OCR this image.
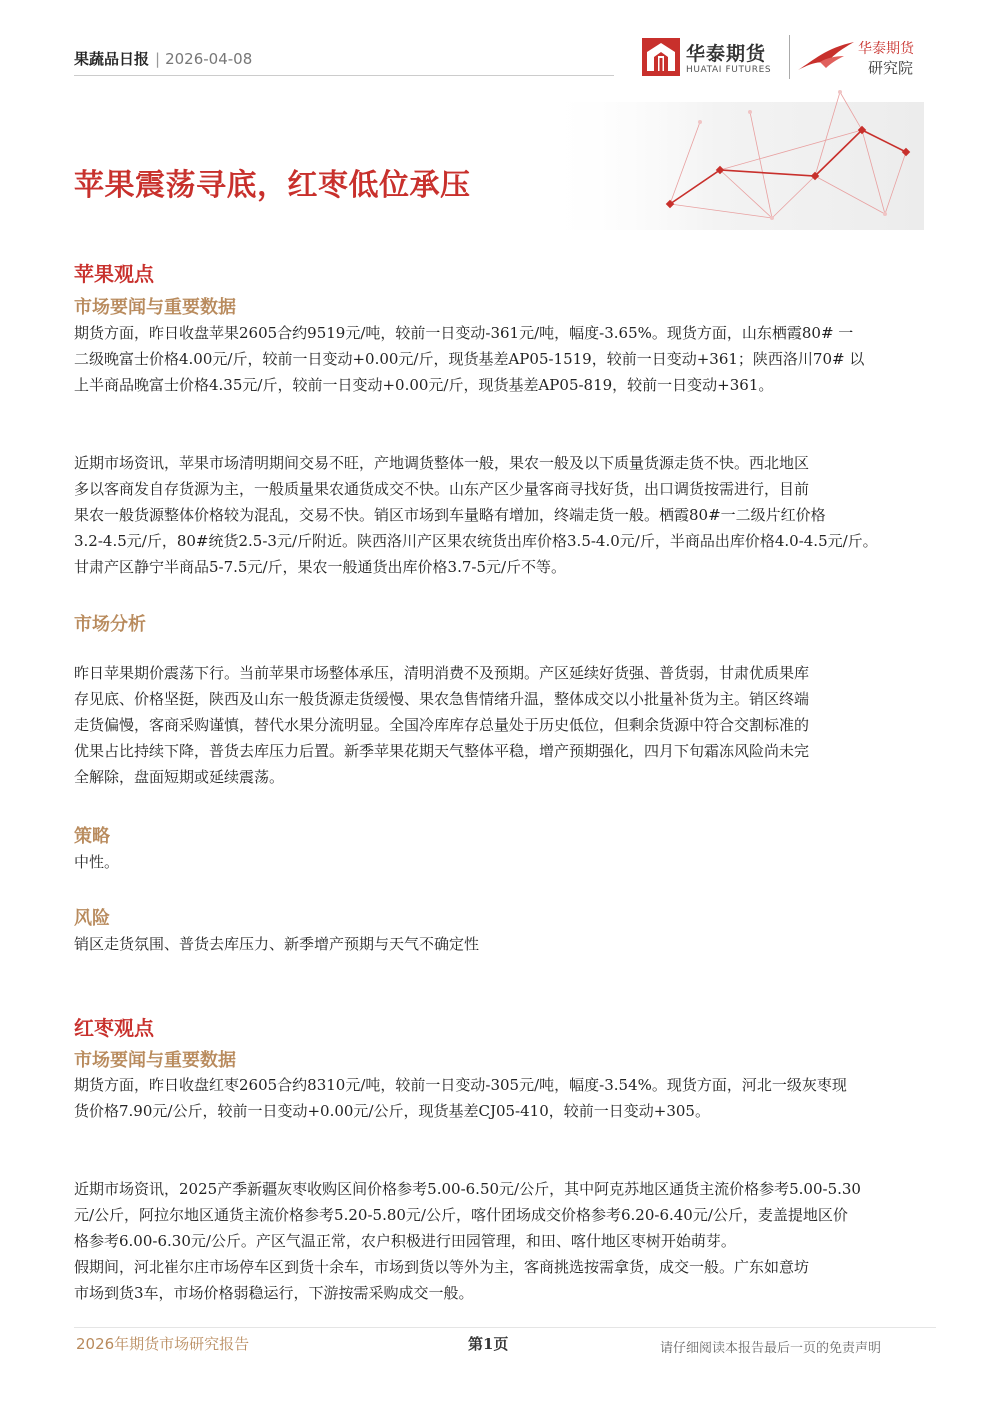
果蔬品日报 | 2026-04-08	华泰期货
HUATAI FUTURES
华泰期货
研究院
苹果震荡寻底，红枣低位承压
苹果观点
市场要闻与重要数据
期货方面，昨日收盘苹果2605合约9519元/吨，较前一日变动-361元/吨，幅度-3.65%。现货方面，山东栖霞80# 一
二级晚富士价格4.00元/斤，较前一日变动+0.00元/斤，现货基差AP05-1519，较前一日变动+361；陕西洛川70# 以
上半商品晚富士价格4.35元/斤，较前一日变动+0.00元/斤，现货基差AP05-819，较前一日变动+361。
近期市场资讯，苹果市场清明期间交易不旺，产地调货整体一般，果农一般及以下质量货源走货不快。西北地区
多以客商发自存货源为主，一般质量果农通货成交不快。山东产区少量客商寻找好货，出口调货按需进行，目前
果农一般货源整体价格较为混乱，交易不快。销区市场到车量略有增加，终端走货一般。栖霞80#一二级片红价格
3.2-4.5元/斤，80#统货2.5-3元/斤附近。陕西洛川产区果农统货出库价格3.5-4.0元/斤，半商品出库价格4.0-4.5元/斤。
甘肃产区静宁半商品5-7.5元/斤，果农一般通货出库价格3.7-5元/斤不等。
市场分析
昨日苹果期价震荡下行。当前苹果市场整体承压，清明消费不及预期。产区延续好货强、普货弱，甘肃优质果库
存见底、价格坚挺，陕西及山东一般货源走货缓慢、果农急售情绪升温，整体成交以小批量补货为主。销区终端
走货偏慢，客商采购谨慎，替代水果分流明显。全国冷库库存总量处于历史低位，但剩余货源中符合交割标准的
优果占比持续下降，普货去库压力后置。新季苹果花期天气整体平稳，增产预期强化，四月下旬霜冻风险尚未完
全解除，盘面短期或延续震荡。
策略
中性。
风险
销区走货氛围、普货去库压力、新季增产预期与天气不确定性
红枣观点
市场要闻与重要数据
期货方面，昨日收盘红枣2605合约8310元/吨，较前一日变动-305元/吨，幅度-3.54%。现货方面，河北一级灰枣现
货价格7.90元/公斤，较前一日变动+0.00元/公斤，现货基差CJ05-410，较前一日变动+305。
近期市场资讯，2025产季新疆灰枣收购区间价格参考5.00-6.50元/公斤，其中阿克苏地区通货主流价格参考5.00-5.30
元/公斤，阿拉尔地区通货主流价格参考5.20-5.80元/公斤，喀什团场成交价格参考6.20-6.40元/公斤，麦盖提地区价
格参考6.00-6.30元/公斤。产区气温正常，农户积极进行田园管理，和田、喀什地区枣树开始萌芽。
假期间，河北崔尔庄市场停车区到货十余车，市场到货以等外为主，客商挑选按需拿货，成交一般。广东如意坊
市场到货3车，市场价格弱稳运行，下游按需采购成交一般。
2026年期货市场研究报告	第1页	请仔细阅读本报告最后一页的免责声明
